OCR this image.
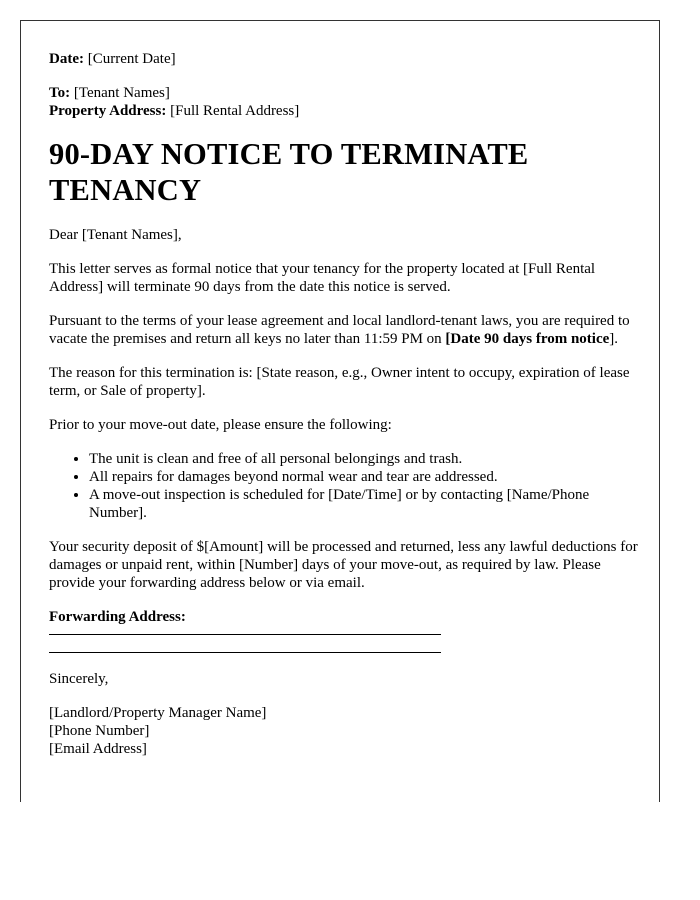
Date: [Current Date]

To: [Tenant Names]

Property Address: [Full Rental Address]

90-DAY NOTICE TO TERMINATE TENANCY

Dear [Tenant Names],

This letter serves as formal notice that your tenancy for the property located at [Full Rental Address] will terminate 90 days from the date this notice is served.

Pursuant to the terms of your lease agreement and local landlord-tenant laws, you are required to vacate the premises and return all keys no later than 11:59 PM on [Date 90 days from notice].

The reason for this termination is: [State reason, e.g., Owner intent to occupy, expiration of lease term, or Sale of property].

Prior to your move-out date, please ensure the following:

• The unit is clean and free of all personal belongings and trash.
• All repairs for damages beyond normal wear and tear are addressed.
• A move-out inspection is scheduled for [Date/Time] or by contacting [Name/Phone Number].

Your security deposit of $[Amount] will be processed and returned, less any lawful deductions for damages or unpaid rent, within [Number] days of your move-out, as required by law. Please provide your forwarding address below or via email.

Forwarding Address:

Sincerely,

[Landlord/Property Manager Name]

[Phone Number]

[Email Address]
